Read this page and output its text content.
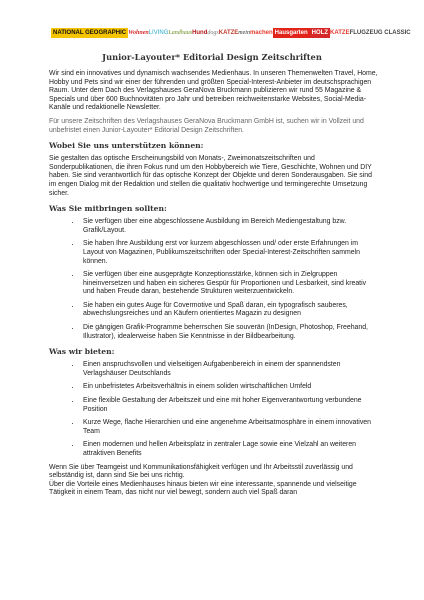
NATIONAL GEOGRAPHIC Wohnen LIVING Landhaus Hund dogs KATZE mein machen Hausgarten HOLZ KATZE FLUGZEUG CLASSIC
Junior-Layouter* Editorial Design Zeitschriften

Wir sind ein innovatives und dynamisch wachsendes Medienhaus. In unseren Themenwelten Travel, Home, Hobby und Pets sind wir einer der führenden und größten Special-Interest-Anbieter im deutschsprachigen Raum. Unter dem Dach des Verlagshauses GeraNova Bruckmann publizieren wir rund 55 Magazine & Specials und über 600 Buchnovitäten pro Jahr und betreiben reichweitenstarke Websites, Social-Media-Kanäle und redaktionelle Newsletter.

Für unsere Zeitschriften des Verlagshauses GeraNova Bruckmann GmbH ist, suchen wir in Vollzeit und unbefristet einen Junior-Layouter* Editorial Design Zeitschriften.

Wobei Sie uns unterstützen können:

Sie gestalten das optische Erscheinungsbild von Monats-, Zweimonatszeitschriften und Sonderpublikationen, die ihren Fokus rund um den Hobbybereich wie Tiere, Geschichte, Wohnen und DIY haben. Sie sind verantwortlich für das optische Konzept der Objekte und deren Sonderausgaben. Sie sind im engen Dialog mit der Redaktion und stellen die qualitativ hochwertige und termingerechte Umsetzung sicher.

Was Sie mitbringen sollten:
• Sie verfügen über eine abgeschlossene Ausbildung im Bereich Mediengestaltung bzw. Grafik/Layout.
• Sie haben Ihre Ausbildung erst vor kurzem abgeschlossen und/ oder erste Erfahrungen im Layout von Magazinen, Publikumszeitschriften oder Special-Interest-Zeitschriften sammeln können.
• Sie verfügen über eine ausgeprägte Konzeptionsstärke, können sich in Zielgruppen hineinversetzen und haben ein sicheres Gespür für Proportionen und Lesbarkeit, sind kreativ und haben Freude daran, bestehende Strukturen weiterzuentwickeln.
• Sie haben ein gutes Auge für Covermotive und Spaß daran, ein typografisch sauberes, abwechslungsreiches und an Käufern orientiertes Magazin zu designen
• Die gängigen Grafik-Programme beherrschen Sie souverän (InDesign, Photoshop, Freehand, Illustrator), idealerweise haben Sie Kenntnisse in der Bildbearbeitung.
Was wir bieten:
• Einen anspruchsvollen und vielseitigen Aufgabenbereich in einem der spannendsten Verlagshäuser Deutschlands
• Ein unbefristetes Arbeitsverhältnis in einem soliden wirtschaftlichen Umfeld
• Eine flexible Gestaltung der Arbeitszeit und eine mit hoher Eigenverantwortung verbundene Position
• Kurze Wege, flache Hierarchien und eine angenehme Arbeitsatmosphäre in einem innovativen Team
• Einen modernen und hellen Arbeitsplatz in zentraler Lage sowie eine Vielzahl an weiteren attraktiven Benefits

Wenn Sie über Teamgeist und Kommunikationsfähigkeit verfügen und Ihr Arbeitsstil zuverlässig und selbständig ist, dann sind Sie bei uns richtig.
Über die Vorteile eines Medienhauses hinaus bieten wir eine interessante, spannende und vielseitige Tätigkeit in einem Team, das nicht nur viel bewegt, sondern auch viel Spaß daran
